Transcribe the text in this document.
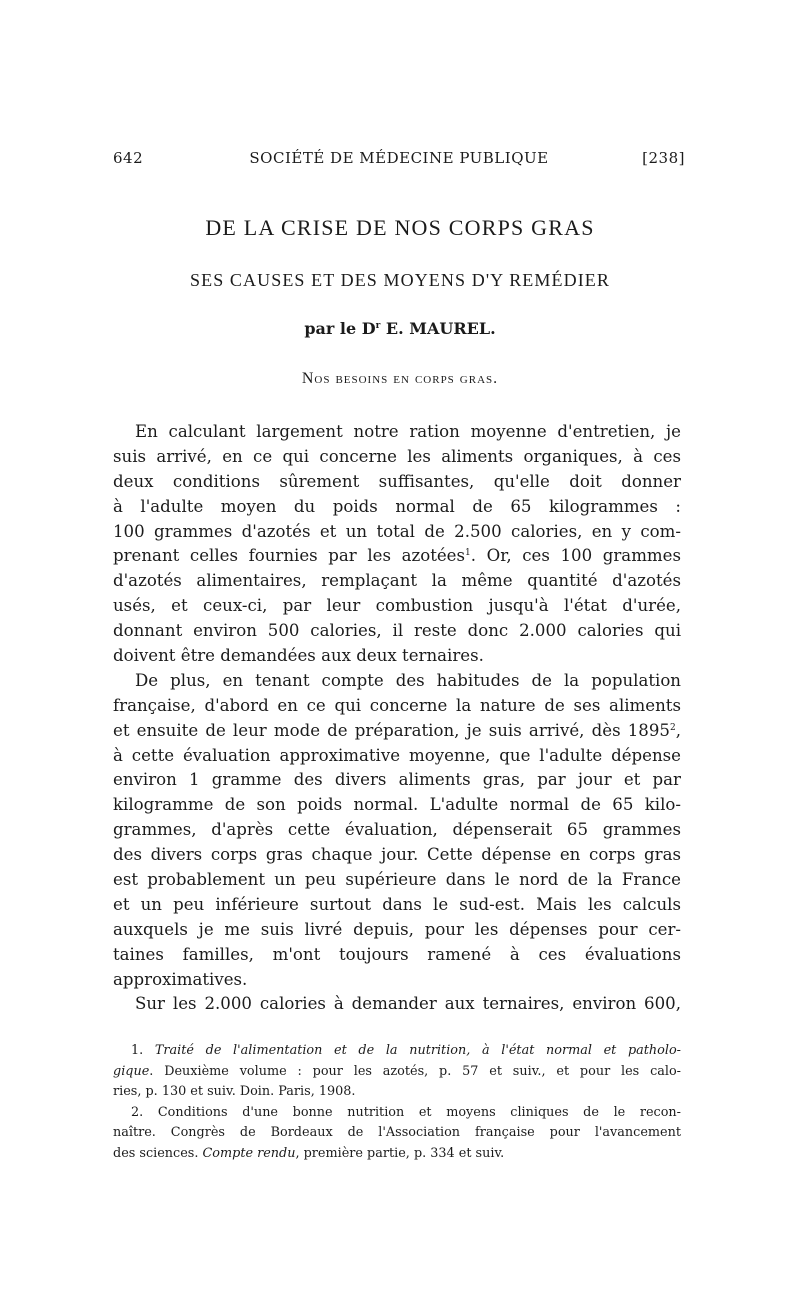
642	SOCIÉTÉ DE MÉDECINE PUBLIQUE	[238]
DE LA CRISE DE NOS CORPS GRAS
SES CAUSES ET DES MOYENS D'Y REMÉDIER
par le $D^r$ E. MAUREL.
Nos besoins en corps gras.
En calculant largement notre ration moyenne d'entretien, je
suis arrivé, en ce qui concerne les aliments organiques, à ces
deux conditions sûrement suffisantes, qu'elle doit donner
à l'adulte moyen du poids normal de 65 kilogrammes :
100 grammes d'azotés et un total de 2.500 calories, en y com-
prenant celles fournies par les azotées$^1$. Or, ces 100 grammes
d'azotés alimentaires, remplaçant la même quantité d'azotés
usés, et ceux-ci, par leur combustion jusqu'à l'état d'urée,
donnant environ 500 calories, il reste donc 2.000 calories qui
doivent être demandées aux deux ternaires.
De plus, en tenant compte des habitudes de la population
française, d'abord en ce qui concerne la nature de ses aliments
et ensuite de leur mode de préparation, je suis arrivé, dès 1895$^2$,
à cette évaluation approximative moyenne, que l'adulte dépense
environ 1 gramme des divers aliments gras, par jour et par
kilogramme de son poids normal. L'adulte normal de 65 kilo-
grammes, d'après cette évaluation, dépenserait 65 grammes
des divers corps gras chaque jour. Cette dépense en corps gras
est probablement un peu supérieure dans le nord de la France
et un peu inférieure surtout dans le sud-est. Mais les calculs
auxquels je me suis livré depuis, pour les dépenses pour cer-
taines familles, m'ont toujours ramené à ces évaluations
approximatives.
Sur les 2.000 calories à demander aux ternaires, environ 600,
1. Traité de l'alimentation et de la nutrition, à l'état normal et patholo-
gique. Deuxième volume : pour les azotés, p. 57 et suiv., et pour les calo-
ries, p. 130 et suiv. Doin. Paris, 1908.
2. Conditions d'une bonne nutrition et moyens cliniques de le recon-
naître. Congrès de Bordeaux de l'Association française pour l'avancement
des sciences. Compte rendu, première partie, p. 334 et suiv.
